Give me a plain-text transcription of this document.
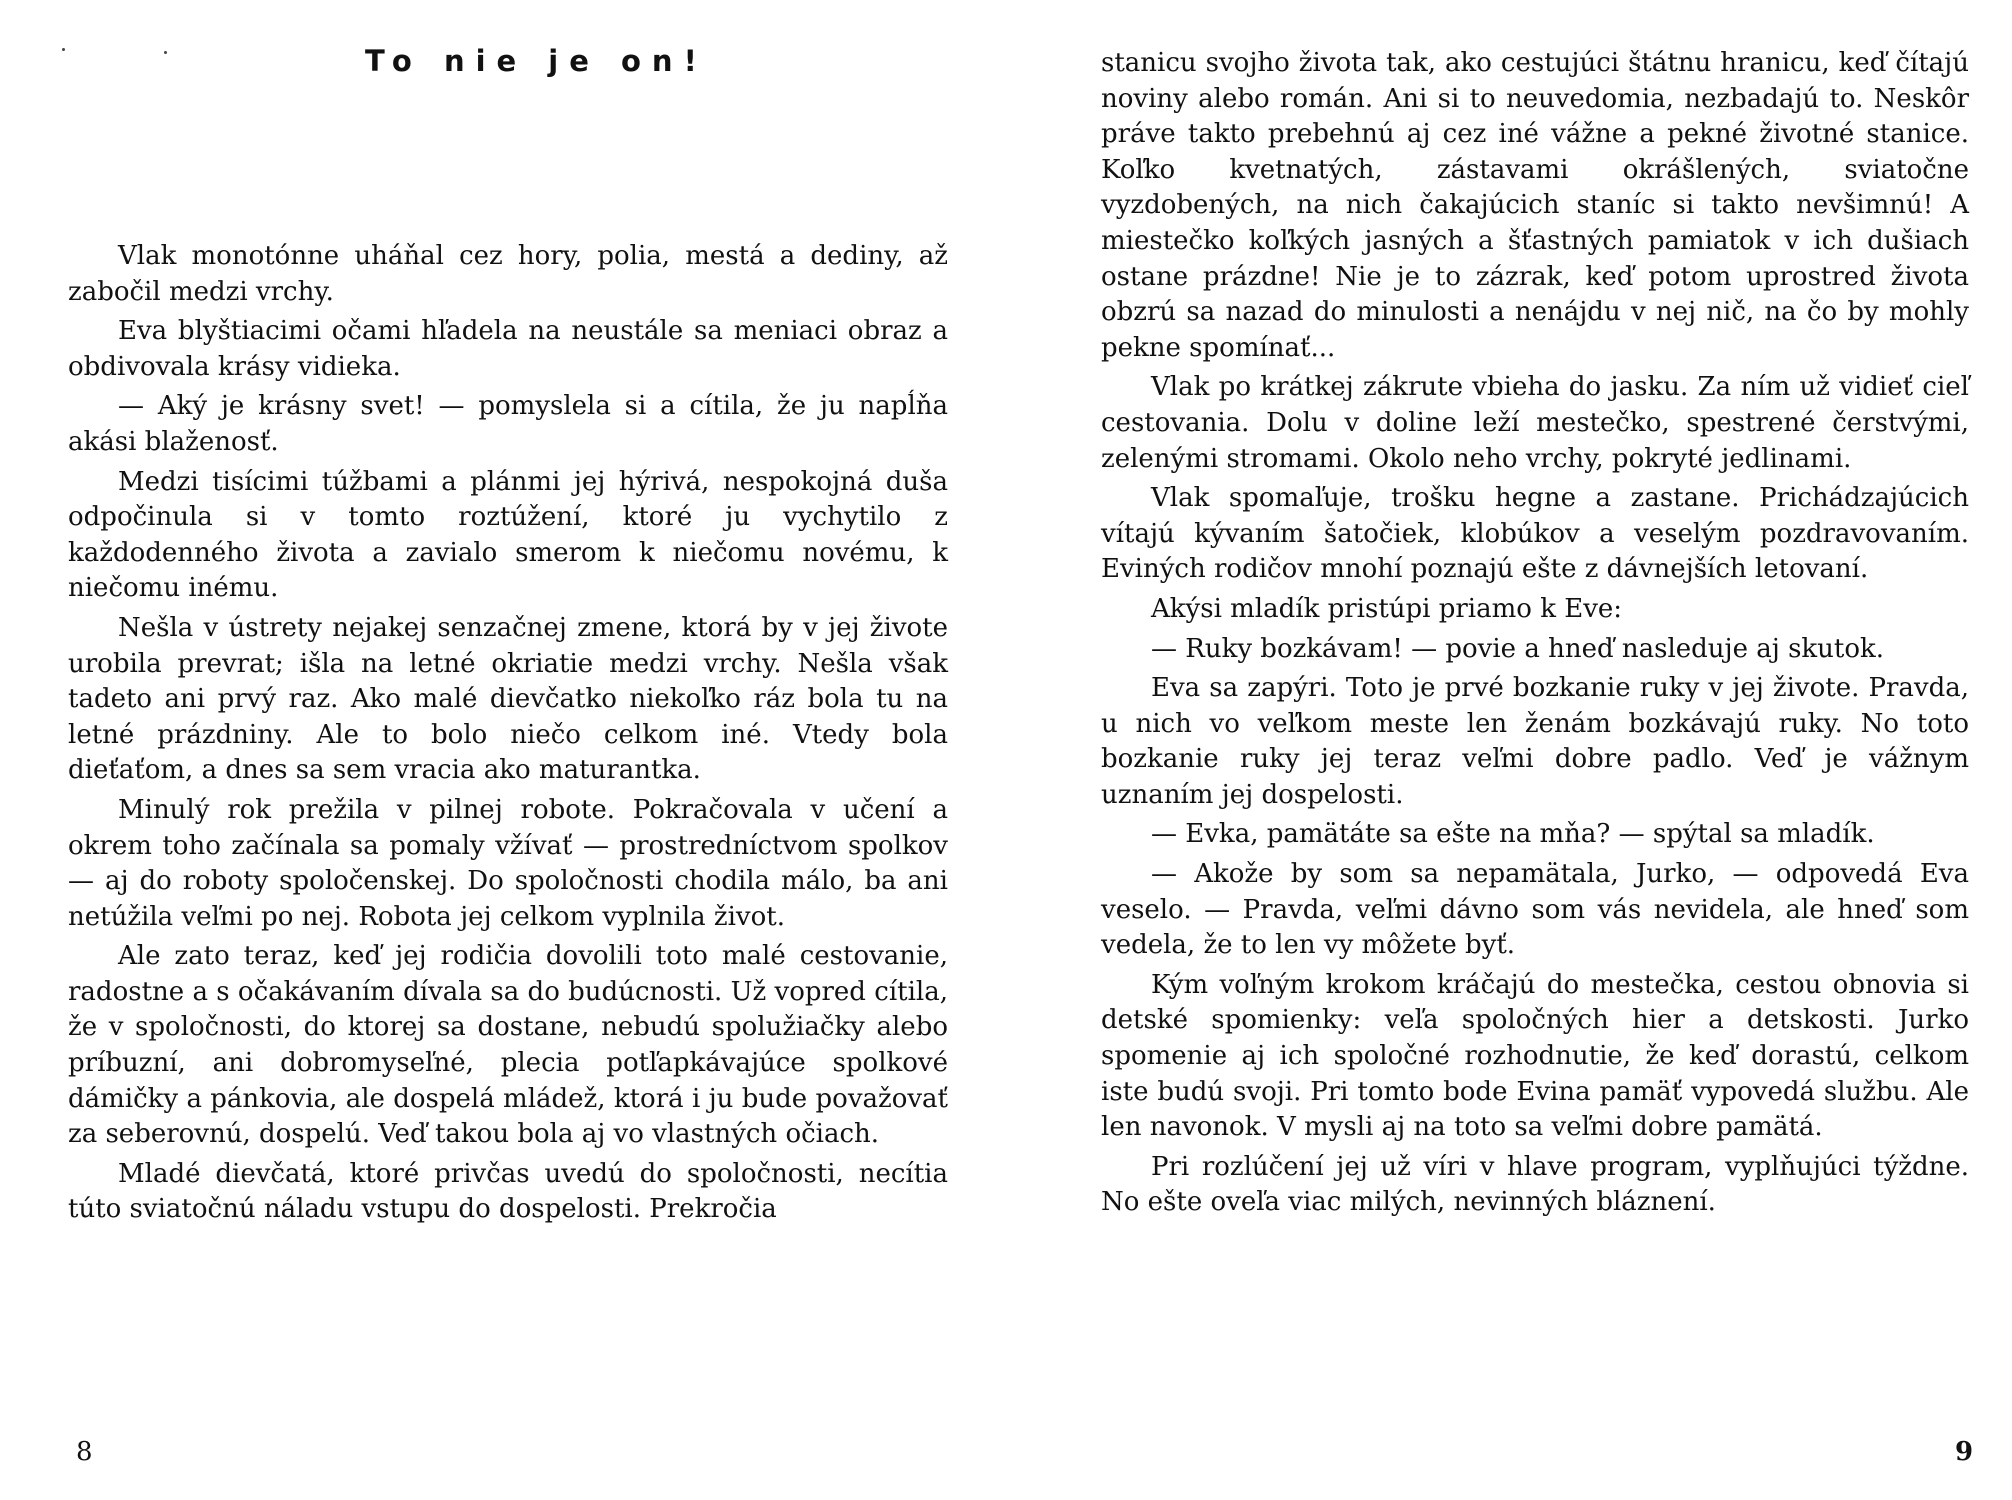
To nie je on!

Vlak monotónne uháňal cez hory, polia, mestá a dediny, až zabočil medzi vrchy.

Eva blyštiacimi očami hľadela na neustále sa meniaci obraz a obdivovala krásy vidieka.

— Aký je krásny svet! — pomyslela si a cítila, že ju napĺňa akási blaženosť.

Medzi tisícimi túžbami a plánmi jej hýrivá, nespokojná duša odpočinula si v tomto roztúžení, ktoré ju vychytilo z každodenného života a zavialo smerom k niečomu novému, k niečomu inému.

Nešla v ústrety nejakej senzačnej zmene, ktorá by v jej živote urobila prevrat; išla na letné okriatie medzi vrchy. Nešla však tadeto ani prvý raz. Ako malé dievčatko niekoľko ráz bola tu na letné prázdniny. Ale to bolo niečo celkom iné. Vtedy bola dieťaťom, a dnes sa sem vracia ako maturantka.

Minulý rok prežila v pilnej robote. Pokračovala v učení a okrem toho začínala sa pomaly vžívať — prostredníctvom spolkov — aj do roboty spoločenskej. Do spoločnosti chodila málo, ba ani netúžila veľmi po nej. Robota jej celkom vyplnila život.

Ale zato teraz, keď jej rodičia dovolili toto malé cestovanie, radostne a s očakávaním dívala sa do budúcnosti. Už vopred cítila, že v spoločnosti, do ktorej sa dostane, nebudú spolužiačky alebo príbuzní, ani dobromyseľné, plecia potľapkávajúce spolkové dámičky a pánkovia, ale dospelá mládež, ktorá i ju bude považovať za seberovnú, dospelú. Veď takou bola aj vo vlastných očiach.

Mladé dievčatá, ktoré privčas uvedú do spoločnosti, necítia túto sviatočnú náladu vstupu do dospelosti. Prekročia

8

stanicu svojho života tak, ako cestujúci štátnu hranicu, keď čítajú noviny alebo román. Ani si to neuvedomia, nezbadajú to. Neskôr práve takto prebehnú aj cez iné vážne a pekné životné stanice. Koľko kvetnatých, zástavami okrášlených, sviatočne vyzdobených, na nich čakajúcich staníc si takto nevšimnú! A miestečko koľkých jasných a šťastných pamiatok v ich dušiach ostane prázdne! Nie je to zázrak, keď potom uprostred života obzrú sa nazad do minulosti a nenájdu v nej nič, na čo by mohly pekne spomínať...

Vlak po krátkej zákrute vbieha do jasku. Za ním už vidieť cieľ cestovania. Dolu v doline leží mestečko, spestrené čerstvými, zelenými stromami. Okolo neho vrchy, pokryté jedlinami.

Vlak spomaľuje, trošku hegne a zastane. Prichádzajúcich vítajú kývaním šatočiek, klobúkov a veselým pozdravovaním. Eviných rodičov mnohí poznajú ešte z dávnejších letovaní.

Akýsi mladík pristúpi priamo k Eve:

— Ruky bozkávam! — povie a hneď nasleduje aj skutok.

Eva sa zapýri. Toto je prvé bozkanie ruky v jej živote. Pravda, u nich vo veľkom meste len ženám bozkávajú ruky. No toto bozkanie ruky jej teraz veľmi dobre padlo. Veď je vážnym uznaním jej dospelosti.

— Evka, pamätáte sa ešte na mňa? — spýtal sa mladík.

— Akože by som sa nepamätala, Jurko, — odpovedá Eva veselo. — Pravda, veľmi dávno som vás nevidela, ale hneď som vedela, že to len vy môžete byť.

Kým voľným krokom kráčajú do mestečka, cestou obnovia si detské spomienky: veľa spoločných hier a detskosti. Jurko spomenie aj ich spoločné rozhodnutie, že keď dorastú, celkom iste budú svoji. Pri tomto bode Evina pamäť vypovedá službu. Ale len navonok. V mysli aj na toto sa veľmi dobre pamätá.

Pri rozlúčení jej už víri v hlave program, vyplňujúci týždne. No ešte oveľa viac milých, nevinných bláznení.

9
